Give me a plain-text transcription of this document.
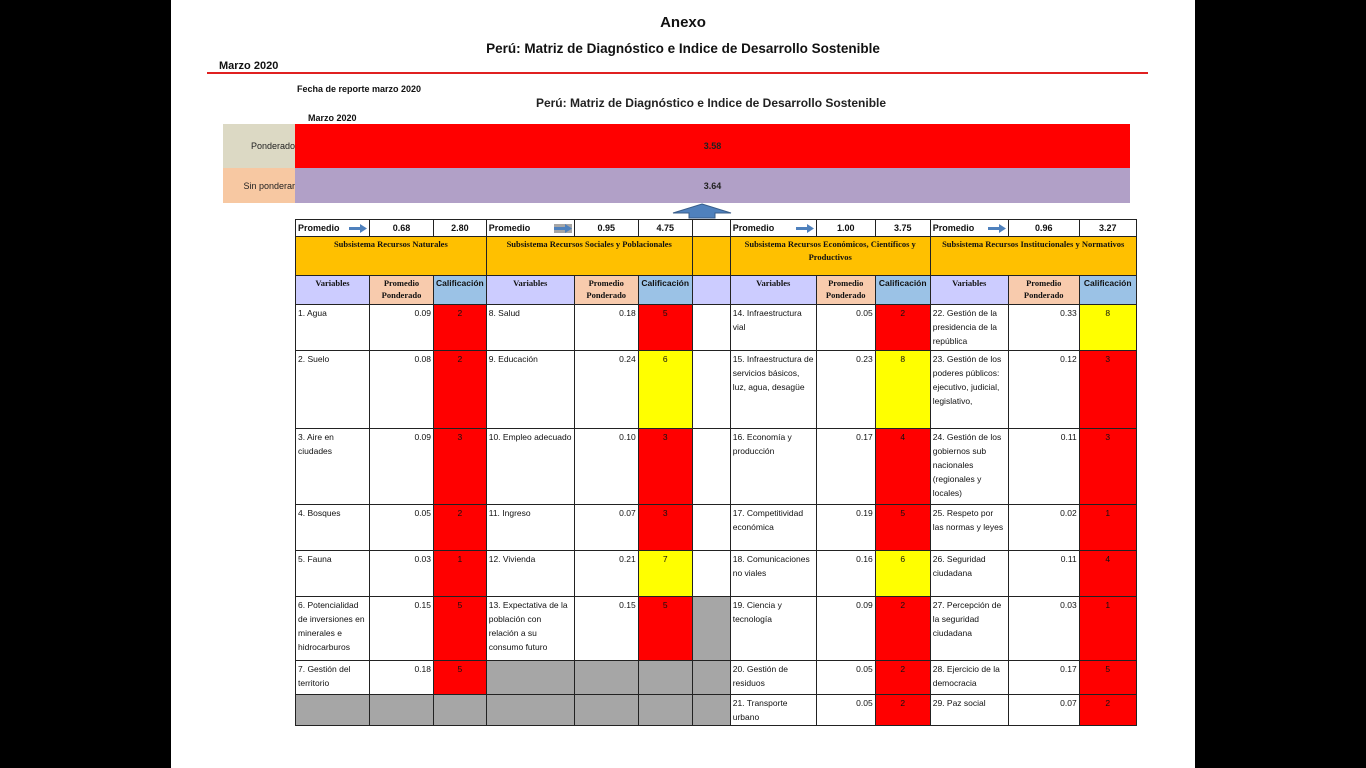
Anexo
Perú: Matriz de Diagnóstico e Indice de Desarrollo Sostenible
Marzo 2020
Fecha de reporte marzo 2020
Perú: Matriz de Diagnóstico e Indice de Desarrollo Sostenible
Marzo 2020
Ponderado
Sin ponderar
3.58
3.64
Promedio	0.68	2.80	Promedio	0.95	4.75		Promedio	1.00	3.75	Promedio	0.96	3.27
Subsistema Recursos Naturales			Subsistema Recursos Sociales y Poblacionales				Subsistema Recursos Económicos, Científicos y Productivos			Subsistema Recursos Institucionales y Normativos		
Variables	Promedio Ponderado	Calificación	Variables	Promedio Ponderado	Calificación		Variables	Promedio Ponderado	Calificación	Variables	Promedio Ponderado	Calificación
1. Agua	0.09	2	8. Salud	0.18	5		14. Infraestructura vial	0.05	2	22. Gestión de la presidencia de la república	0.33	8
2. Suelo	0.08	2	9. Educación	0.24	6		15. Infraestructura de servicios básicos, luz, agua, desagüe	0.23	8	23. Gestión de los poderes públicos: ejecutivo, judicial, legislativo,	0.12	3
3. Aire en ciudades	0.09	3	10. Empleo adecuado	0.10	3		16. Economía y producción	0.17	4	24. Gestión de los gobiernos sub nacionales (regionales y locales)	0.11	3
4. Bosques	0.05	2	11. Ingreso	0.07	3		17. Competitividad económica	0.19	5	25. Respeto por las normas y leyes	0.02	1
5. Fauna	0.03	1	12. Vivienda	0.21	7		18. Comunicaciones no viales	0.16	6	26. Seguridad ciudadana	0.11	4
6. Potencialidad de inversiones en minerales e hidrocarburos	0.15	5	13. Expectativa de la población con relación a su consumo futuro	0.15	5		19. Ciencia y tecnología	0.09	2	27. Percepción de la seguridad ciudadana	0.03	1
7. Gestión del territorio	0.18	5					20. Gestión de residuos	0.05	2	28. Ejercicio de la democracia	0.17	5
							21. Transporte urbano	0.05	2	29. Paz social	0.07	2
